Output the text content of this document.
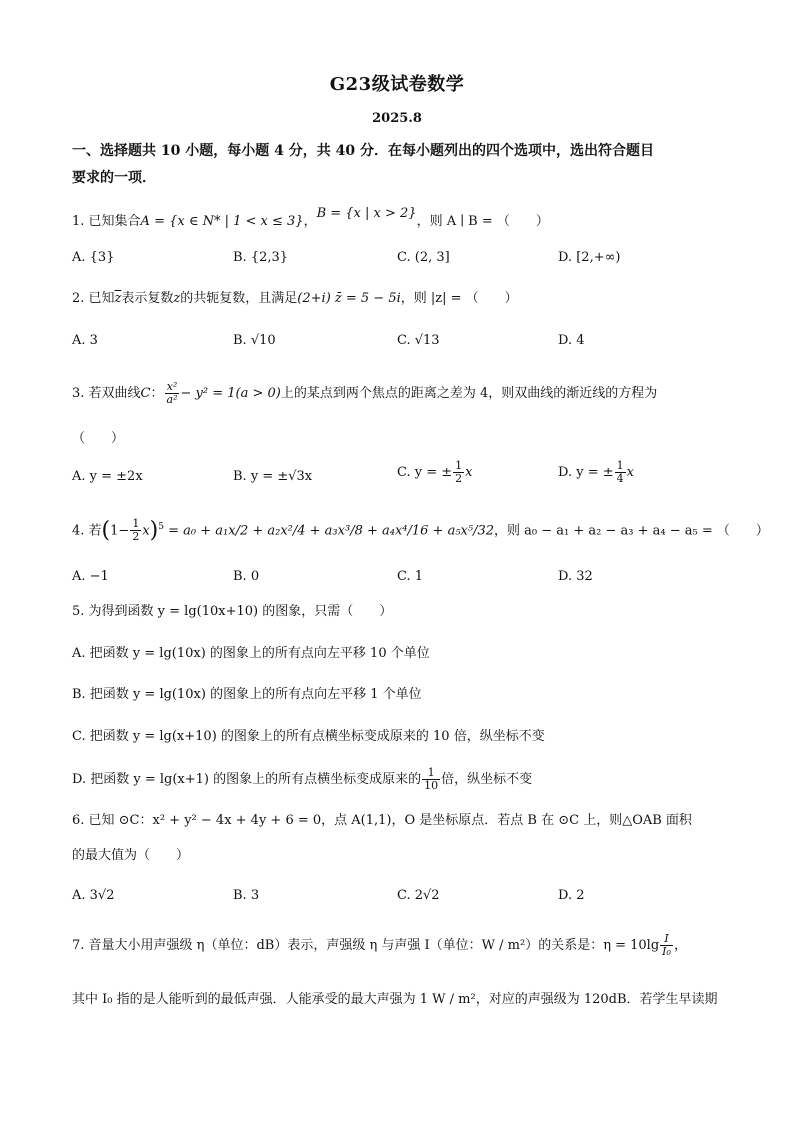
G23级试卷数学
2025.8
一、选择题共 10 小题，每小题 4 分，共 40 分．在每小题列出的四个选项中，选出符合题目
要求的一项．
1. 已知集合A = {x ∈ N* | 1 < x ≤ 3}，B = {x | x > 2}，则 A ∣ B = （　　）
A. {3}	B. {2,3}	C. (2, 3]	D. [2,+∞)
2. 已知$\overline{z}$表示复数z的共轭复数，且满足(2+i) z̄ = 5 − 5i，则 |z| = （　　）
A. 3	B. √10	C. √13	D. 4
3. 若双曲线C： $\frac{\text{x²}}{\text{a²}} - y^2 = 1(a > 0)$上的某点到两个焦点的距离之差为 4，则双曲线的渐近线的方程为
（　　）
A. y = ±2x	B. y = ±√3x	C. y = ± $\frac{1}{2}$ x	D. y = ± $\frac{1}{4}$ x
4. 若$(1- \frac{1}{2} x)^5 = a_0 + a_1x/2 + a_2x^2/4 + a_3x^3/8 + a_4x^4/16 + a_5x^5/32$，则 a₀ − a₁ + a₂ − a₃ + a₄ − a₅ = （　　）
A. −1	B. 0	C. 1	D. 32
5. 为得到函数 y = lg(10x+10) 的图象，只需（　　）
A. 把函数 y = lg(10x) 的图象上的所有点向左平移 10 个单位
B. 把函数 y = lg(10x) 的图象上的所有点向左平移 1 个单位
C. 把函数 y = lg(x+10) 的图象上的所有点横坐标变成原来的 10 倍，纵坐标不变
D. 把函数 y = lg(x+1) 的图象上的所有点横坐标变成原来的 $\frac{1}{10}$ 倍，纵坐标不变
6. 已知 ⊙C：x² + y² − 4x + 4y + 6 = 0，点 A(1,1)，O 是坐标原点．若点 B 在 ⊙C 上，则△OAB 面积
的最大值为（　　）
A. 3√2	B. 3	C. 2√2	D. 2
7. 音量大小用声强级 η（单位：dB）表示，声强级 η 与声强 I（单位：W / m²）的关系是：$\eta = 10\lg \frac{I}{\text{I₀}}$ ，
其中 I₀ 指的是人能听到的最低声强．人能承受的最大声强为 1 W / m²，对应的声强级为 120dB．若学生早读期
